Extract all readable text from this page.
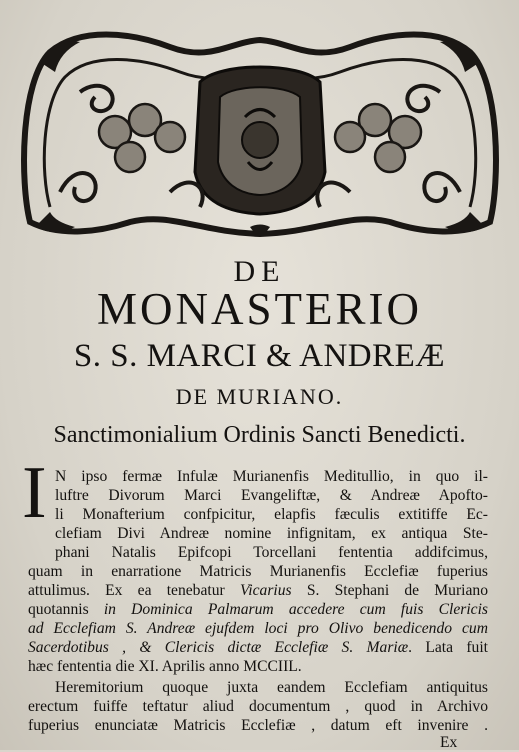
DE
MONASTERIO
S. S. MARCI & ANDREÆ
DE MURIANO.
Sanctimonialium Ordinis Sancti Benedicti.
I N ipso fermæ Infulæ Murianenfis Meditullio, in quo il-
luftre Divorum Marci Evangeliftæ, & Andreæ Apofto-
li Monafterium confpicitur, elapfis fæculis extitiffe Ec-
clefiam Divi Andreæ nomine infignitam, ex antiqua Ste-
phani Natalis Epifcopi Torcellani fententia addifcimus,
quam in enarratione Matricis Murianenfis Ecclefiæ fuperius
attulimus. Ex ea tenebatur Vicarius S. Stephani de Muriano
quotannis in Dominica Palmarum accedere cum fuis Clericis
ad Ecclefiam S. Andreæ ejufdem loci pro Olivo benedicendo cum
Sacerdotibus , & Clericis dictæ Ecclefiæ S. Mariæ. Lata fuit
hæc fententia die XI. Aprilis anno MCCIIL.
Heremitorium quoque juxta eandem Ecclefiam antiquitus
erectum fuiffe teftatur aliud documentum , quod in Archivo
fuperius enunciatæ Matricis Ecclefiæ , datum eft invenire .
Ex
